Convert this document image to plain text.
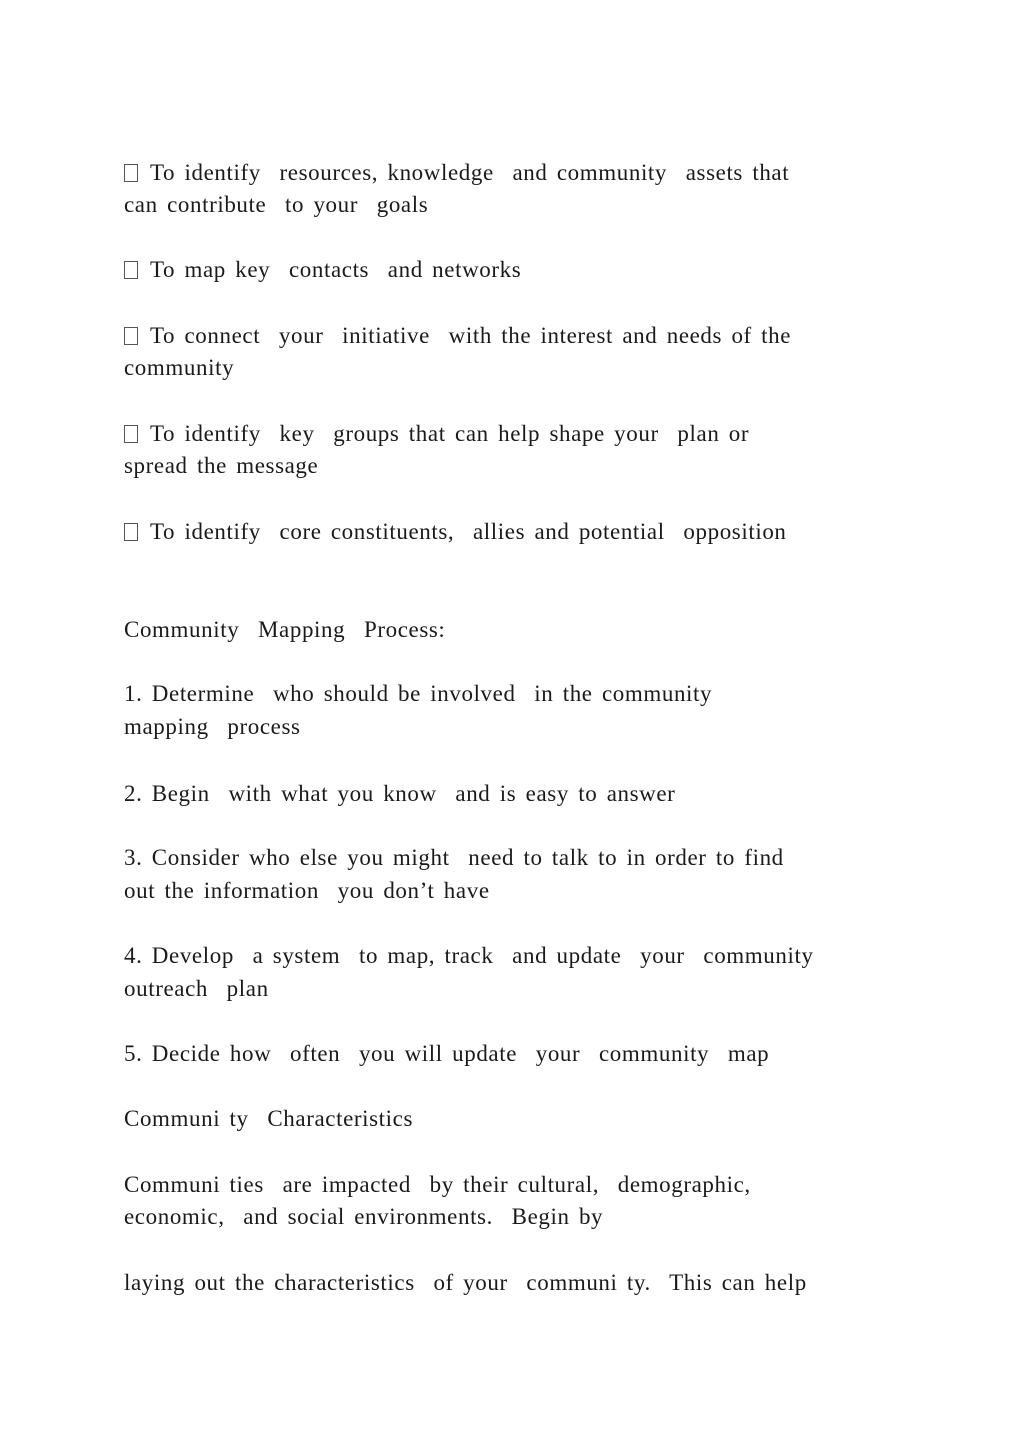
To identify  resources, knowledge  and community  assets that
can contribute  to your  goals
To map key  contacts  and networks
To connect  your  initiative  with the interest and needs of the
community
To identify  key  groups that can help shape your  plan or
spread the message
To identify  core constituents,  allies and potential  opposition
Community  Mapping  Process:
1. Determine  who should be involved  in the community
mapping  process
2. Begin  with what you know  and is easy to answer
3. Consider who else you might  need to talk to in order to find
out the information  you don’t have
4. Develop  a system  to map, track  and update  your  community
outreach  plan
5. Decide how  often  you will update  your  community  map
Communi ty  Characteristics
Communi ties  are impacted  by their cultural,  demographic,
economic,  and social environments.  Begin by
laying out the characteristics  of your  communi ty.  This can help
